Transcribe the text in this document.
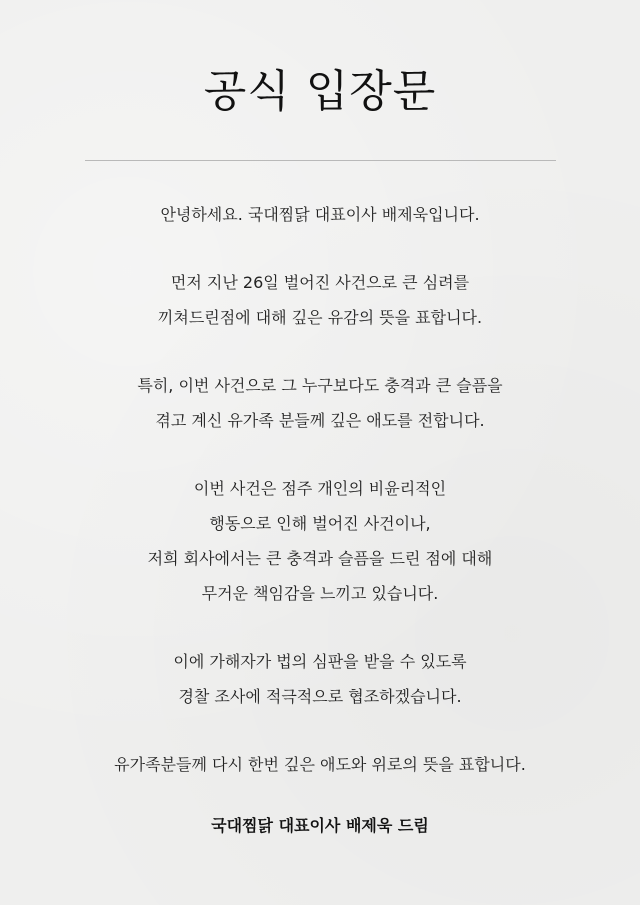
공식 입장문

안녕하세요. 국대찜닭 대표이사 배제욱입니다.

먼저 지난 26일 벌어진 사건으로 큰 심려를
끼쳐드린점에 대해 깊은 유감의 뜻을 표합니다.

특히, 이번 사건으로 그 누구보다도 충격과 큰 슬픔을
겪고 계신 유가족 분들께 깊은 애도를 전합니다.

이번 사건은 점주 개인의 비윤리적인
행동으로 인해 벌어진 사건이나,
저희 회사에서는 큰 충격과 슬픔을 드린 점에 대해
무거운 책임감을 느끼고 있습니다.

이에 가해자가 법의 심판을 받을 수 있도록
경찰 조사에 적극적으로 협조하겠습니다.

유가족분들께 다시 한번 깊은 애도와 위로의 뜻을 표합니다.

국대찜닭 대표이사 배제욱 드림
